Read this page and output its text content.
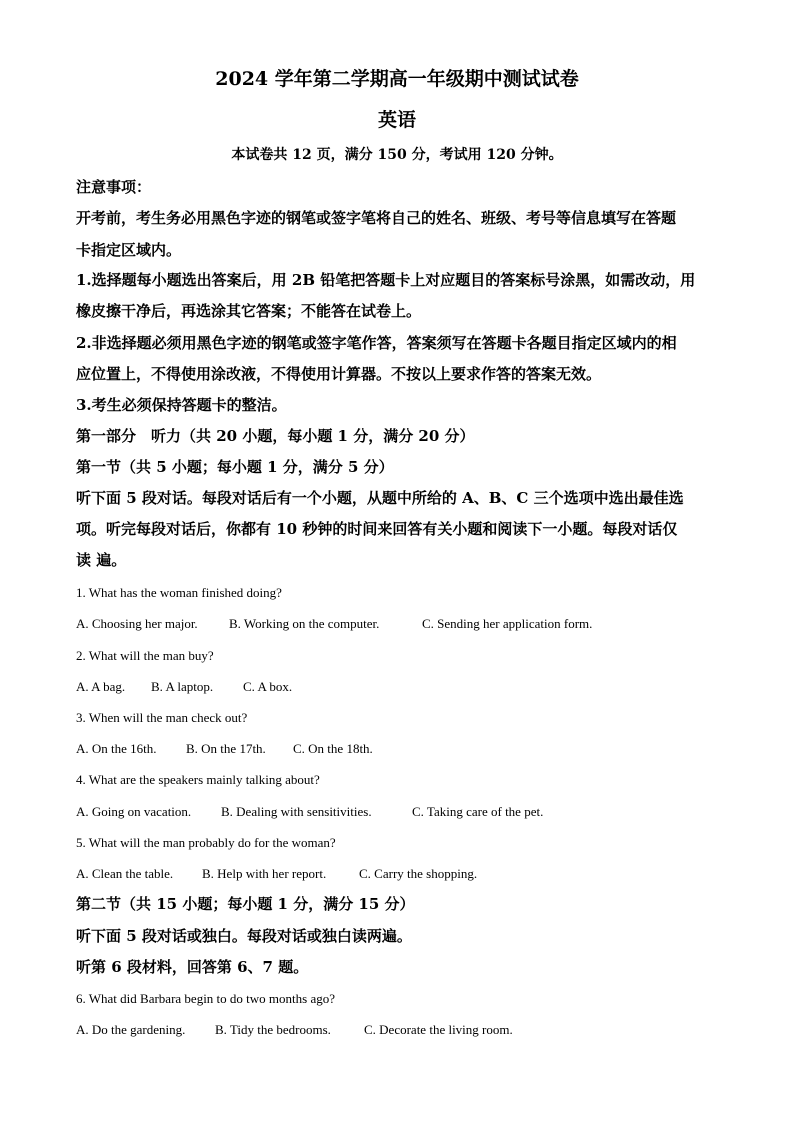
2024 学年第二学期高一年级期中测试试卷
英语
本试卷共 12 页，满分 150 分，考试用 120 分钟。
注意事项：
开考前，考生务必用黑色字迹的钢笔或签字笔将自己的姓名、班级、考号等信息填写在答题
卡指定区域内。
1.选择题每小题选出答案后，用 2B 铅笔把答题卡上对应题目的答案标号涂黑，如需改动，用
橡皮擦干净后，再选涂其它答案；不能答在试卷上。
2.非选择题必须用黑色字迹的钢笔或签字笔作答，答案须写在答题卡各题目指定区域内的相
应位置上，不得使用涂改液，不得使用计算器。不按以上要求作答的答案无效。
3.考生必须保持答题卡的整洁。
第一部分　听力（共 20 小题，每小题 1 分，满分 20 分）
第一节（共 5 小题；每小题 1 分，满分 5 分）
听下面 5 段对话。每段对话后有一个小题，从题中所给的 A、B、C 三个选项中选出最佳选
项。听完每段对话后，你都有 10 秒钟的时间来回答有关小题和阅读下一小题。每段对话仅
读 遍。
1. What has the woman finished doing?
A. Choosing her major. B. Working on the computer.	C. Sending her application form.
2. What will the man buy?
A. A bag. B. A laptop. C. A box.
3. When will the man check out?
A. On the 16th. B. On the 17th. C. On the 18th.
4. What are the speakers mainly talking about?
A. Going on vacation. B. Dealing with sensitivities.	C. Taking care of the pet.
5. What will the man probably do for the woman?
A. Clean the table. B. Help with her report.	C. Carry the shopping.
第二节（共 15 小题；每小题 1 分，满分 15 分）
听下面 5 段对话或独白。每段对话或独白读两遍。
听第 6 段材料，回答第 6、7 题。
6. What did Barbara begin to do two months ago?
A. Do the gardening. B. Tidy the bedrooms.	C. Decorate the living room.
